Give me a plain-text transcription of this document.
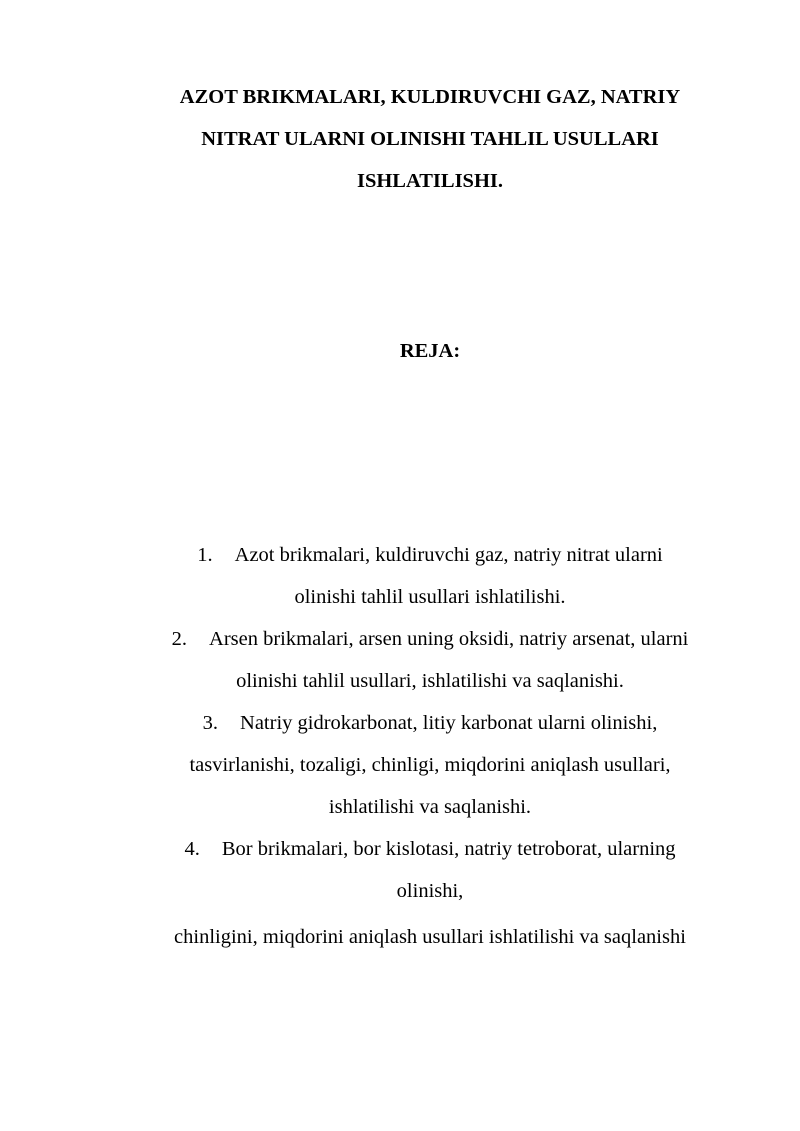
AZOT BRIKMALARI, KULDIRUVCHI GAZ, NATRIY
NITRAT ULARNI OLINISHI TAHLIL USULLARI
ISHLATILISHI.
REJA:
1. Azot brikmalari, kuldiruvchi gaz, natriy nitrat ularni
olinishi tahlil usullari ishlatilishi.
2. Arsen brikmalari, arsen uning oksidi, natriy arsenat, ularni
olinishi tahlil usullari, ishlatilishi va saqlanishi.
3. Natriy gidrokarbonat, litiy karbonat ularni olinishi,
tasvirlanishi, tozaligi, chinligi, miqdorini aniqlash usullari,
ishlatilishi va saqlanishi.
4. Bor brikmalari, bor kislotasi, natriy tetroborat, ularning
olinishi,
chinligini, miqdorini aniqlash usullari ishlatilishi va saqlanishi
